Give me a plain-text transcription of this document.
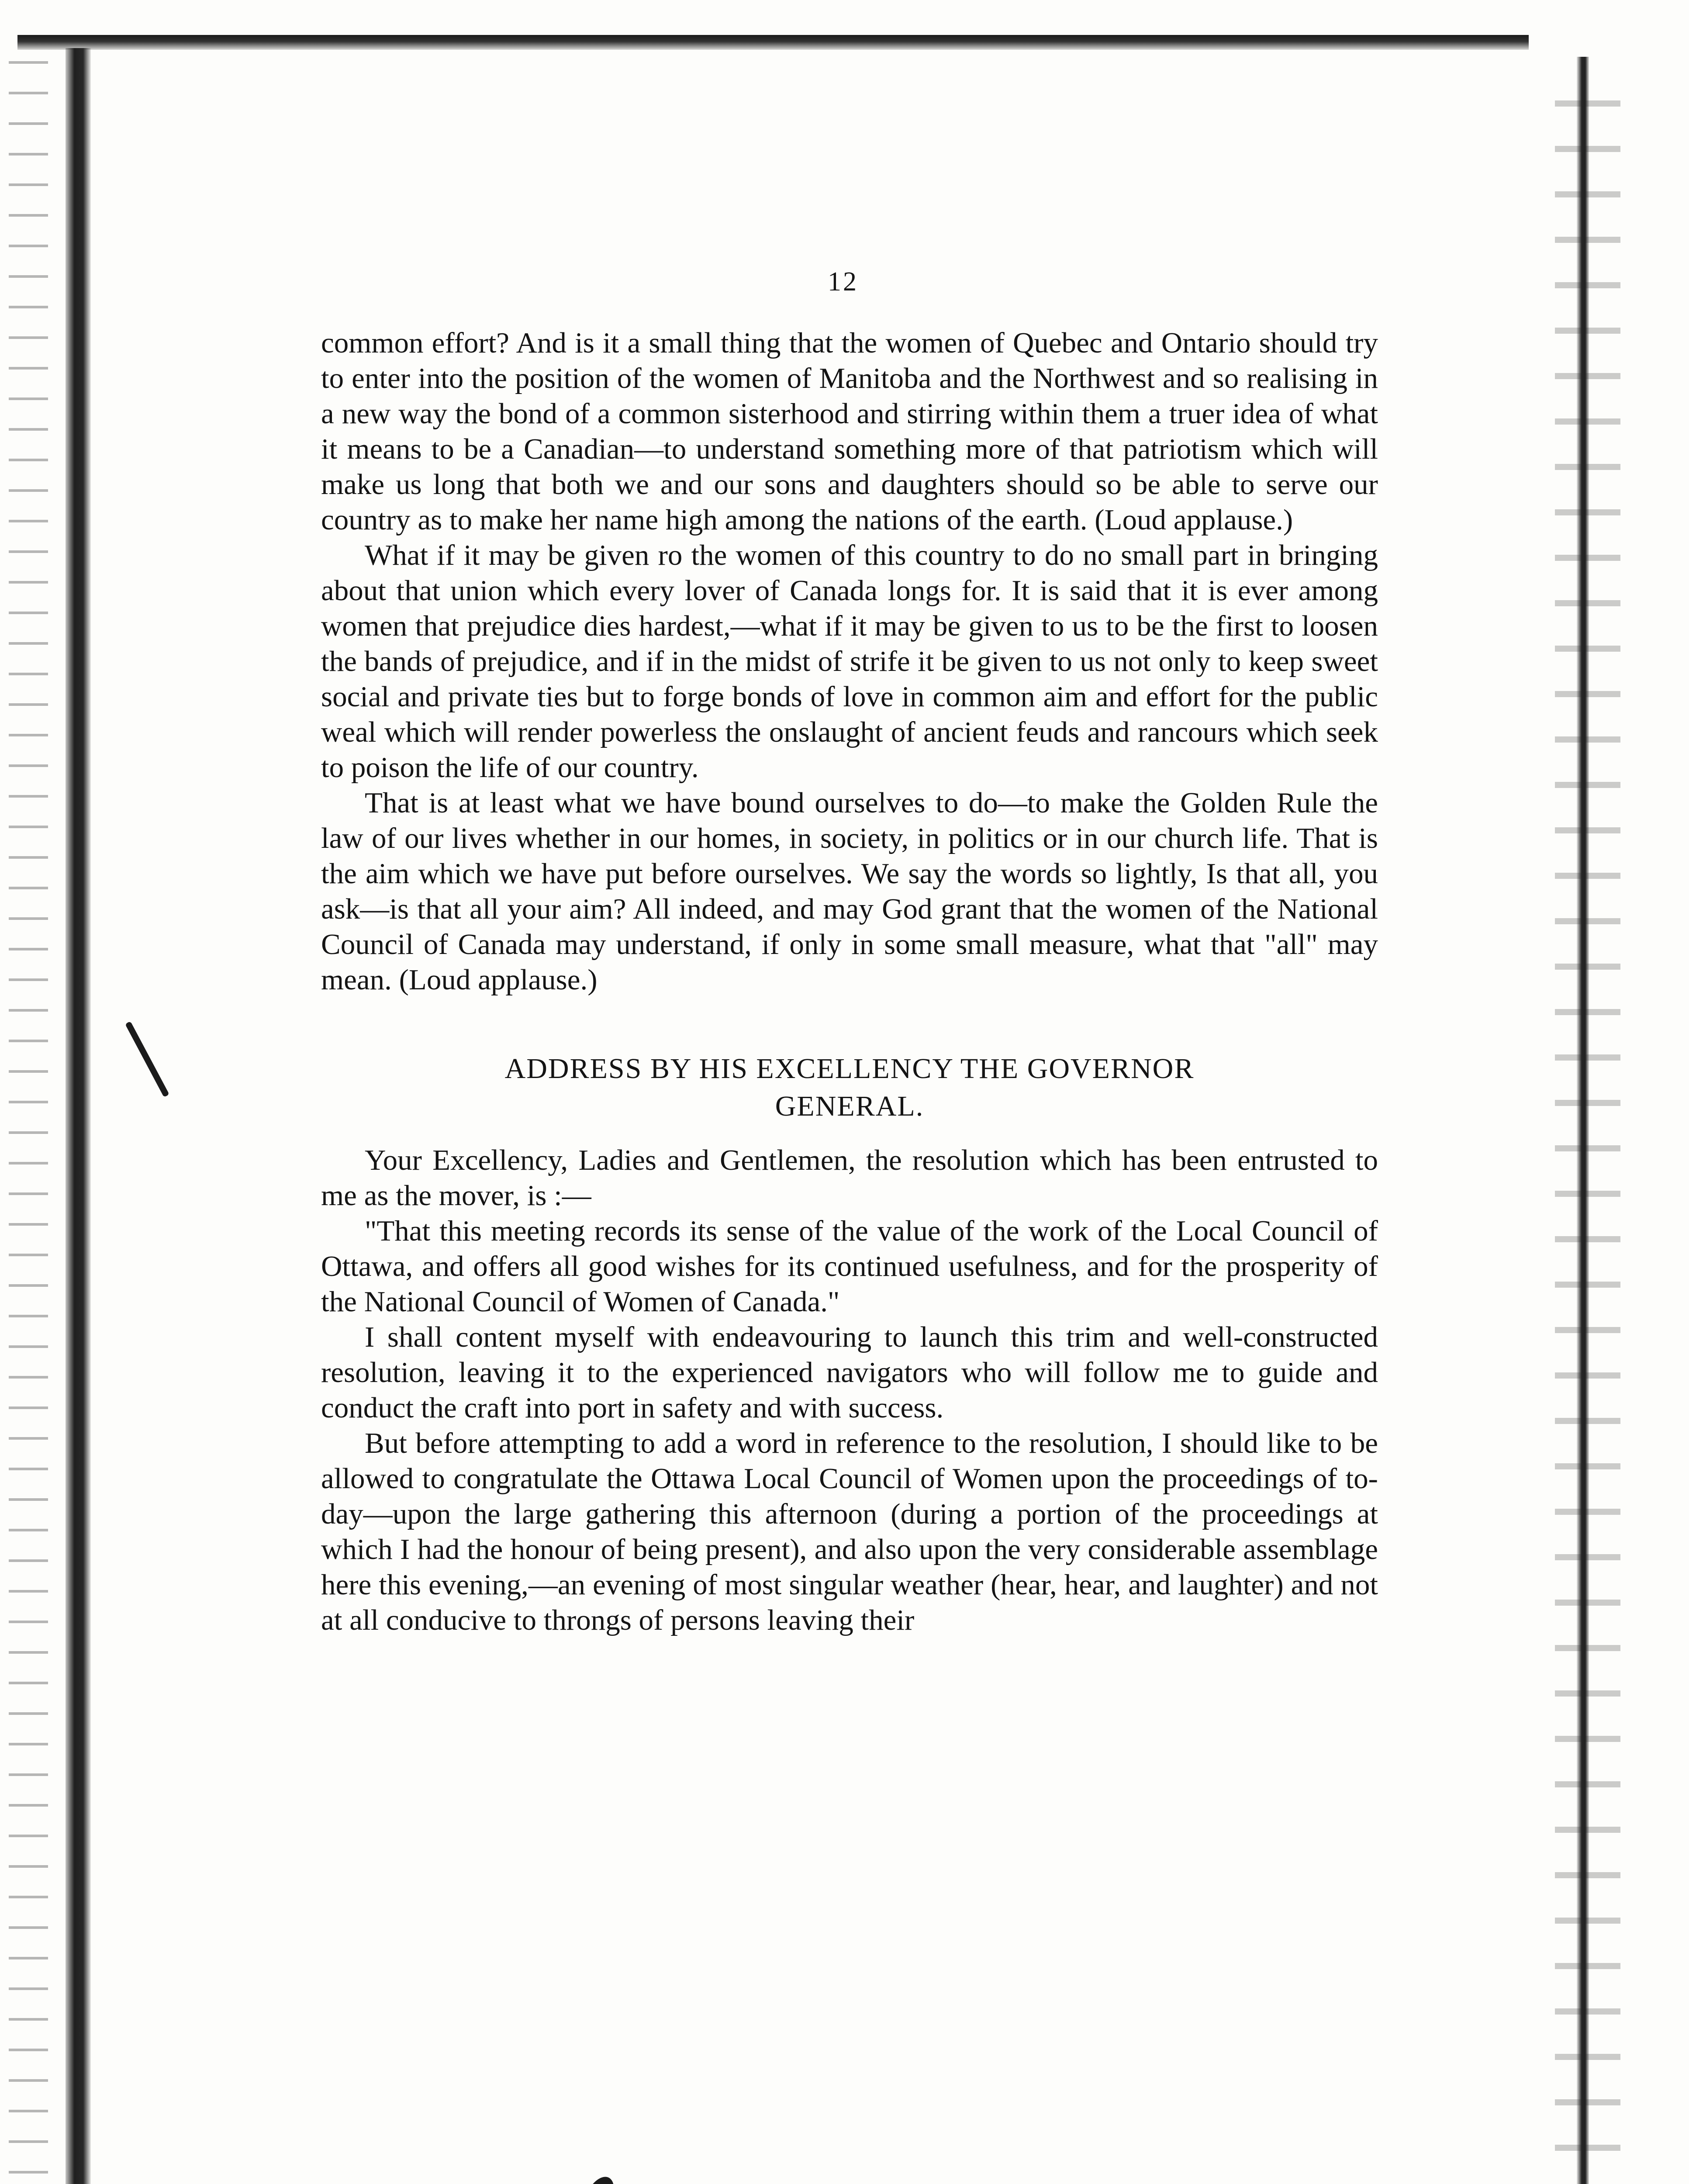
12

common effort? And is it a small thing that the women of Quebec and Ontario should try to enter into the position of the women of Manitoba and the Northwest and so realising in a new way the bond of a common sisterhood and stirring within them a truer idea of what it means to be a Canadian—to understand something more of that patriotism which will make us long that both we and our sons and daughters should so be able to serve our country as to make her name high among the nations of the earth. (Loud applause.)

What if it may be given ro the women of this country to do no small part in bringing about that union which every lover of Canada longs for. It is said that it is ever among women that prejudice dies hardest,—what if it may be given to us to be the first to loosen the bands of prejudice, and if in the midst of strife it be given to us not only to keep sweet social and private ties but to forge bonds of love in common aim and effort for the public weal which will render powerless the onslaught of ancient feuds and rancours which seek to poison the life of our country.

That is at least what we have bound ourselves to do—to make the Golden Rule the law of our lives whether in our homes, in society, in politics or in our church life. That is the aim which we have put before ourselves. We say the words so lightly, Is that all, you ask—is that all your aim? All indeed, and may God grant that the women of the National Council of Canada may understand, if only in some small measure, what that "all" may mean. (Loud applause.)

ADDRESS BY HIS EXCELLENCY THE GOVERNOR
GENERAL.

Your Excellency, Ladies and Gentlemen, the resolution which has been entrusted to me as the mover, is :—

"That this meeting records its sense of the value of the work of the Local Council of Ottawa, and offers all good wishes for its continued usefulness, and for the prosperity of the National Council of Women of Canada."

I shall content myself with endeavouring to launch this trim and well-constructed resolution, leaving it to the experienced navigators who will follow me to guide and conduct the craft into port in safety and with success.

But before attempting to add a word in reference to the resolution, I should like to be allowed to congratulate the Ottawa Local Council of Women upon the proceedings of to-day—upon the large gathering this afternoon (during a portion of the proceedings at which I had the honour of being present), and also upon the very considerable assemblage here this evening,—an evening of most singular weather (hear, hear, and laughter) and not at all conducive to throngs of persons leaving their
